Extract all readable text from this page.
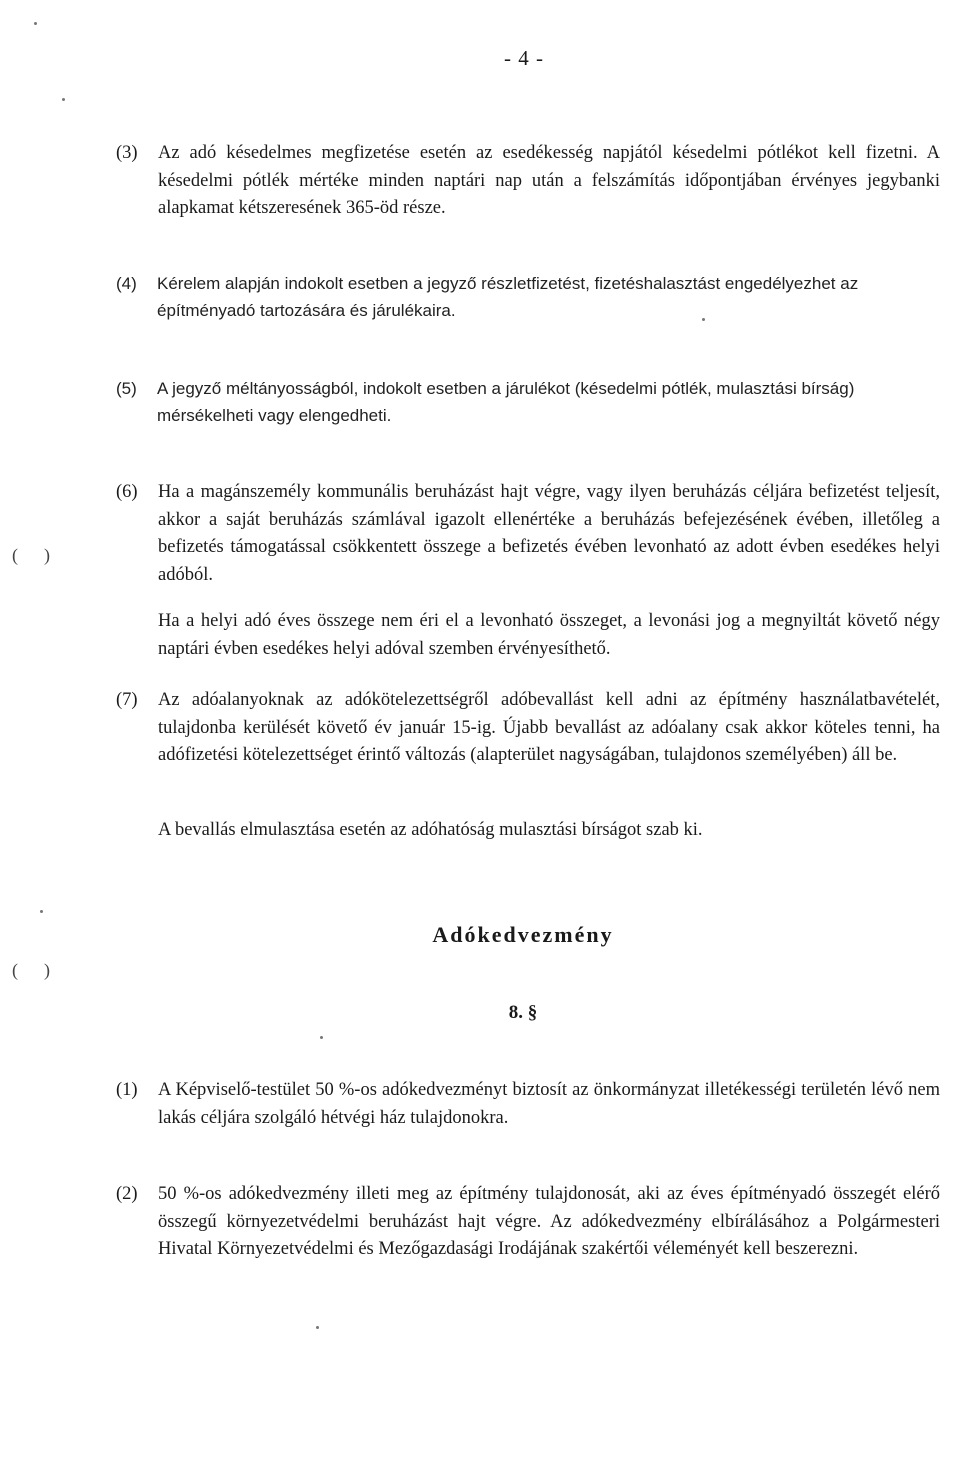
- 4 -
(3) Az adó késedelmes megfizetése esetén az esedékesség napjától késedelmi pótlékot kell fizetni. A késedelmi pótlék mértéke minden naptári nap után a felszámítás időpontjában érvényes jegybanki alapkamat kétszeresének 365-öd része.
(4) Kérelem alapján indokolt esetben a jegyző részletfizetést, fizetéshalasztást engedélyezhet az építményadó tartozására és járulékaira.
(5) A jegyző méltányosságból, indokolt esetben a járulékot (késedelmi pótlék, mulasztási bírság) mérsékelheti vagy elengedheti.
(6) Ha a magánszemély kommunális beruházást hajt végre, vagy ilyen beruházás céljára befizetést teljesít, akkor a saját beruházás számlával igazolt ellenértéke a beruházás befejezésének évében, illetőleg a befizetés támogatással csökkentett összege a befizetés évében levonható az adott évben esedékes helyi adóból.
Ha a helyi adó éves összege nem éri el a levonható összeget, a levonási jog a megnyiltát követő négy naptári évben esedékes helyi adóval szemben érvényesíthető.
(7) Az adóalanyoknak az adókötelezettségről adóbevallást kell adni az építmény használatbavételét, tulajdonba kerülését követő év január 15-ig. Újabb bevallást az adóalany csak akkor köteles tenni, ha adófizetési kötelezettséget érintő változás (alapterület nagyságában, tulajdonos személyében) áll be.
A bevallás elmulasztása esetén az adóhatóság mulasztási bírságot szab ki.
Adókedvezmény
8. §
(1) A Képviselő-testület 50 %-os adókedvezményt biztosít az önkormányzat illetékességi területén lévő nem lakás céljára szolgáló hétvégi ház tulajdonokra.
(2) 50 %-os adókedvezmény illeti meg az építmény tulajdonosát, aki az éves építményadó összegét elérő összegű környezetvédelmi beruházást hajt végre. Az adókedvezmény elbírálásához a Polgármesteri Hivatal Környezetvédelmi és Mezőgazdasági Irodájának szakértői véleményét kell beszerezni.
( )
( )
